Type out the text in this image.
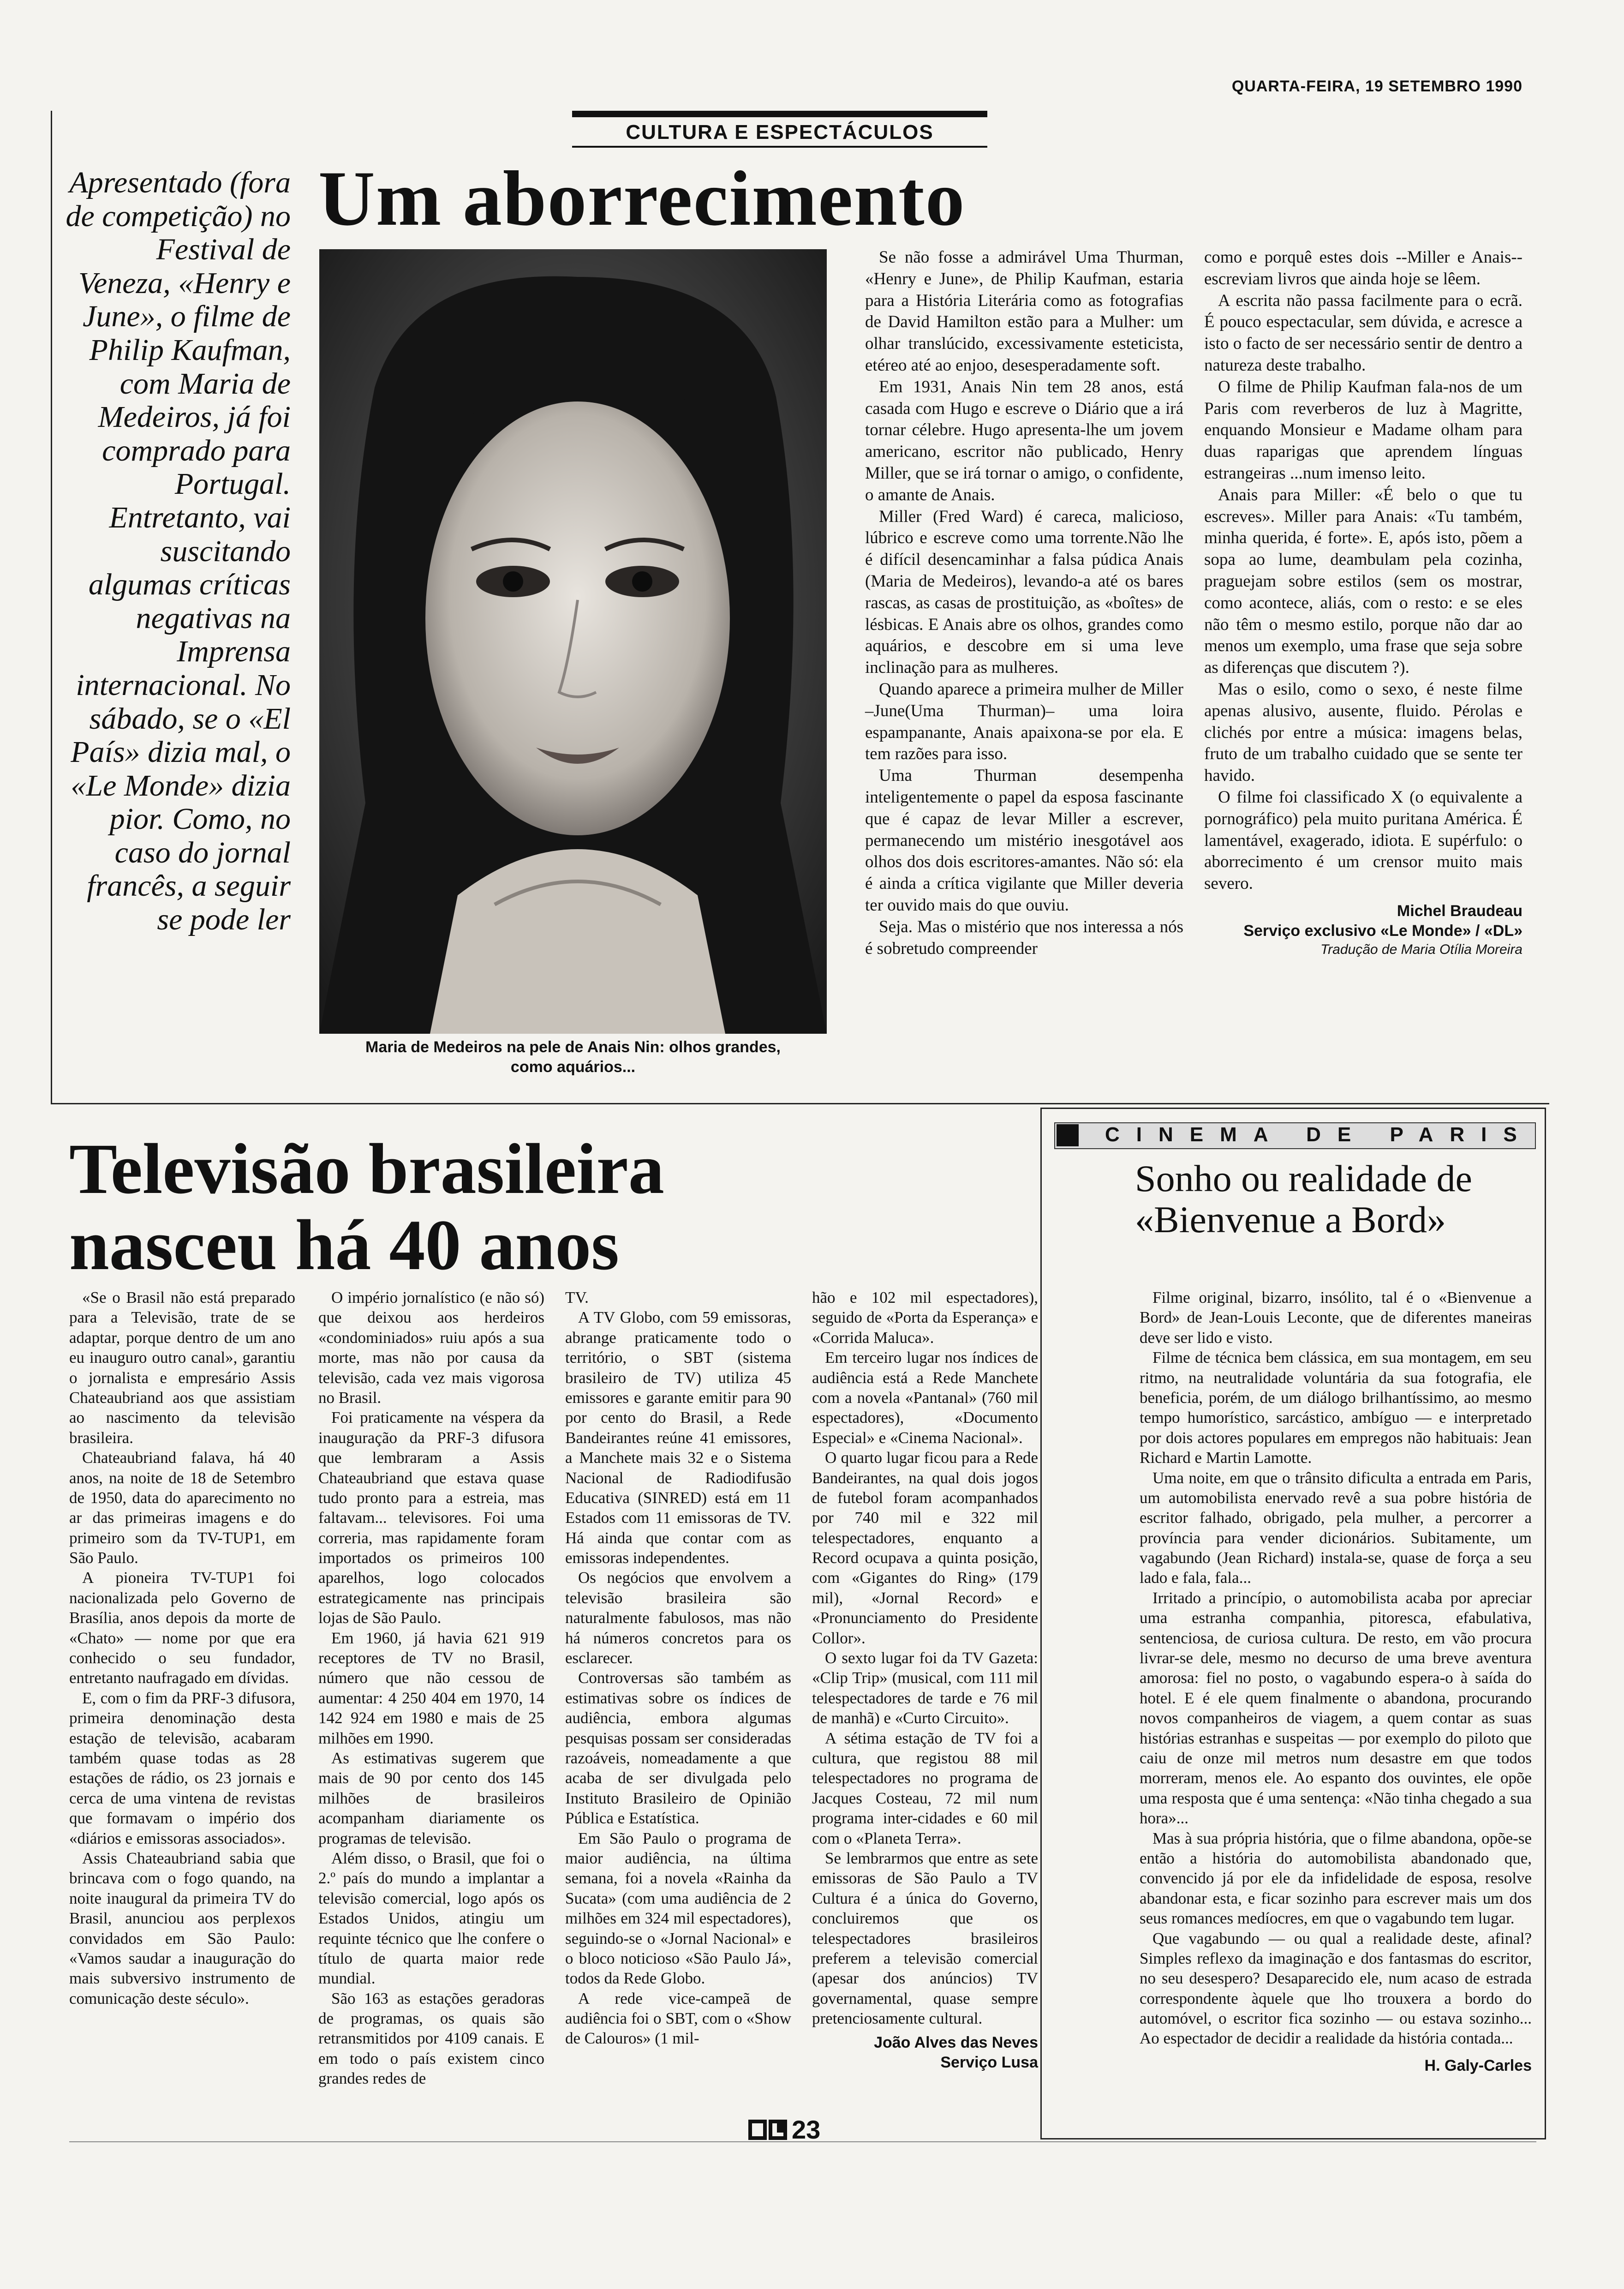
QUARTA-FEIRA, 19 SETEMBRO 1990
CULTURA E ESPECTÁCULOS
Um aborrecimento
Apresentado (fora de competição) no Festival de Veneza, «Henry e June», o filme de Philip Kaufman, com Maria de Medeiros, já foi comprado para Portugal. Entretanto, vai suscitando algumas críticas negativas na Imprensa internacional. No sábado, se o «El País» dizia mal, o «Le Monde» dizia pior. Como, no caso do jornal francês, a seguir se pode ler
Maria de Medeiros na pele de Anais Nin: olhos grandes,
como aquários...

Se não fosse a admirável Uma Thurman, «Henry e June», de Philip Kaufman, estaria para a História Literária como as fotografias de David Hamilton estão para a Mulher: um olhar translúcido, excessivamente esteticista, etéreo até ao enjoo, desesperadamente soft.

Em 1931, Anais Nin tem 28 anos, está casada com Hugo e escreve o Diário que a irá tornar célebre. Hugo apresenta-lhe um jovem americano, escritor não publicado, Henry Miller, que se irá tornar o amigo, o confidente, o amante de Anais.

Miller (Fred Ward) é careca, malicioso, lúbrico e escreve como uma torrente.Não lhe é difícil desencaminhar a falsa púdica Anais (Maria de Medeiros), levando-a até os bares rascas, as casas de prostituição, as «boîtes» de lésbicas. E Anais abre os olhos, grandes como aquários, e descobre em si uma leve inclinação para as mulheres.

Quando aparece a primeira mulher de Miller –June(Uma Thurman)– uma loira espampanante, Anais apaixona-se por ela. E tem razões para isso.

Uma Thurman desempenha inteligentemente o papel da esposa fascinante que é capaz de levar Miller a escrever, permanecendo um mistério inesgotável aos olhos dos dois escritores-amantes. Não só: ela é ainda a crítica vigilante que Miller deveria ter ouvido mais do que ouviu.

Seja. Mas o mistério que nos interessa a nós é sobretudo compreender

como e porquê estes dois --Miller e Anais-- escreviam livros que ainda hoje se lêem.

A escrita não passa facilmente para o ecrã. É pouco espectacular, sem dúvida, e acresce a isto o facto de ser necessário sentir de dentro a natureza deste trabalho.

O filme de Philip Kaufman fala-nos de um Paris com reverberos de luz à Magritte, enquando Monsieur e Madame olham para duas raparigas que aprendem línguas estrangeiras ...num imenso leito.

Anais para Miller: «É belo o que tu escreves». Miller para Anais: «Tu também, minha querida, é forte». E, após isto, põem a sopa ao lume, deambulam pela cozinha, praguejam sobre estilos (sem os mostrar, como acontece, aliás, com o resto: e se eles não têm o mesmo estilo, porque não dar ao menos um exemplo, uma frase que seja sobre as diferenças que discutem ?).

Mas o esilo, como o sexo, é neste filme apenas alusivo, ausente, fluido. Pérolas e clichés por entre a música: imagens belas, fruto de um trabalho cuidado que se sente ter havido.

O filme foi classificado X (o equivalente a pornográfico) pela muito puritana América. É lamentável, exagerado, idiota. E supérfulo: o aborrecimento é um crensor muito mais severo.

Michel Braudeau
Serviço exclusivo «Le Monde» / «DL»
Tradução de Maria Otília Moreira
Televisão brasileira
nasceu há 40 anos

«Se o Brasil não está preparado para a Televisão, trate de se adaptar, porque dentro de um ano eu inauguro outro canal», garantiu o jornalista e empresário Assis Chateaubriand aos que assistiam ao nascimento da televisão brasileira.

Chateaubriand falava, há 40 anos, na noite de 18 de Setembro de 1950, data do aparecimento no ar das primeiras imagens e do primeiro som da TV-TUP1, em São Paulo.

A pioneira TV-TUP1 foi nacionalizada pelo Governo de Brasília, anos depois da morte de «Chato» — nome por que era conhecido o seu fundador, entretanto naufragado em dívidas.

E, com o fim da PRF-3 difusora, primeira denominação desta estação de televisão, acabaram também quase todas as 28 estações de rádio, os 23 jornais e cerca de uma vintena de revistas que formavam o império dos «diários e emissoras associados».

Assis Chateaubriand sabia que brincava com o fogo quando, na noite inaugural da primeira TV do Brasil, anunciou aos perplexos convidados em São Paulo: «Vamos saudar a inauguração do mais subversivo instrumento de comunicação deste século».

O império jornalístico (e não só) que deixou aos herdeiros «condominiados» ruiu após a sua morte, mas não por causa da televisão, cada vez mais vigorosa no Brasil.

Foi praticamente na véspera da inauguração da PRF-3 difusora que lembraram a Assis Chateaubriand que estava quase tudo pronto para a estreia, mas faltavam... televisores. Foi uma correria, mas rapidamente foram importados os primeiros 100 aparelhos, logo colocados estrategicamente nas principais lojas de São Paulo.

Em 1960, já havia 621 919 receptores de TV no Brasil, número que não cessou de aumentar: 4 250 404 em 1970, 14 142 924 em 1980 e mais de 25 milhões em 1990.

As estimativas sugerem que mais de 90 por cento dos 145 milhões de brasileiros acompanham diariamente os programas de televisão.

Além disso, o Brasil, que foi o 2.º país do mundo a implantar a televisão comercial, logo após os Estados Unidos, atingiu um requinte técnico que lhe confere o título de quarta maior rede mundial.

São 163 as estações geradoras de programas, os quais são retransmitidos por 4109 canais. E em todo o país existem cinco grandes redes de

TV.

A TV Globo, com 59 emissoras, abrange praticamente todo o território, o SBT (sistema brasileiro de TV) utiliza 45 emissores e garante emitir para 90 por cento do Brasil, a Rede Bandeirantes reúne 41 emissores, a Manchete mais 32 e o Sistema Nacional de Radiodifusão Educativa (SINRED) está em 11 Estados com 11 emissoras de TV. Há ainda que contar com as emissoras independentes.

Os negócios que envolvem a televisão brasileira são naturalmente fabulosos, mas não há números concretos para os esclarecer.

Controversas são também as estimativas sobre os índices de audiência, embora algumas pesquisas possam ser consideradas razoáveis, nomeadamente a que acaba de ser divulgada pelo Instituto Brasileiro de Opinião Pública e Estatística.

Em São Paulo o programa de maior audiência, na última semana, foi a novela «Rainha da Sucata» (com uma audiência de 2 milhões em 324 mil espectadores), seguindo-se o «Jornal Nacional» e o bloco noticioso «São Paulo Já», todos da Rede Globo.

A rede vice-campeã de audiência foi o SBT, com o «Show de Calouros» (1 mil-

hão e 102 mil espectadores), seguido de «Porta da Esperança» e «Corrida Maluca».

Em terceiro lugar nos índices de audiência está a Rede Manchete com a novela «Pantanal» (760 mil espectadores), «Documento Especial» e «Cinema Nacional».

O quarto lugar ficou para a Rede Bandeirantes, na qual dois jogos de futebol foram acompanhados por 740 mil e 322 mil telespectadores, enquanto a Record ocupava a quinta posição, com «Gigantes do Ring» (179 mil), «Jornal Record» e «Pronunciamento do Presidente Collor».

O sexto lugar foi da TV Gazeta: «Clip Trip» (musical, com 111 mil telespectadores de tarde e 76 mil de manhã) e «Curto Circuito».

A sétima estação de TV foi a cultura, que registou 88 mil telespectadores no programa de Jacques Costeau, 72 mil num programa inter-cidades e 60 mil com o «Planeta Terra».

Se lembrarmos que entre as sete emissoras de São Paulo a TV Cultura é a única do Governo, concluiremos que os telespectadores brasileiros preferem a televisão comercial (apesar dos anúncios) TV governamental, quase sempre pretenciosamente cultural.

João Alves das Neves
Serviço Lusa
CINEMA DE PARIS
Sonho ou realidade de «Bienvenue a Bord»

Filme original, bizarro, insólito, tal é o «Bienvenue a Bord» de Jean-Louis Leconte, que de diferentes maneiras deve ser lido e visto.

Filme de técnica bem clássica, em sua montagem, em seu ritmo, na neutralidade voluntária da sua fotografia, ele beneficia, porém, de um diálogo brilhantíssimo, ao mesmo tempo humorístico, sarcástico, ambíguo — e interpretado por dois actores populares em empregos não habituais: Jean Richard e Martin Lamotte.

Uma noite, em que o trânsito dificulta a entrada em Paris, um automobilista enervado revê a sua pobre história de escritor falhado, obrigado, pela mulher, a percorrer a província para vender dicionários. Subitamente, um vagabundo (Jean Richard) instala-se, quase de força a seu lado e fala, fala...

Irritado a princípio, o automobilista acaba por apreciar uma estranha companhia, pitoresca, efabulativa, sentenciosa, de curiosa cultura. De resto, em vão procura livrar-se dele, mesmo no decurso de uma breve aventura amorosa: fiel no posto, o vagabundo espera-o à saída do hotel. E é ele quem finalmente o abandona, procurando novos companheiros de viagem, a quem contar as suas histórias estranhas e suspeitas — por exemplo do piloto que caiu de onze mil metros num desastre em que todos morreram, menos ele. Ao espanto dos ouvintes, ele opõe uma resposta que é uma sentença: «Não tinha chegado a sua hora»...

Mas à sua própria história, que o filme abandona, opõe-se então a história do automobilista abandonado que, convencido já por ele da infidelidade de esposa, resolve abandonar esta, e ficar sozinho para escrever mais um dos seus romances medíocres, em que o vagabundo tem lugar.

Que vagabundo — ou qual a realidade deste, afinal? Simples reflexo da imaginação e dos fantasmas do escritor, no seu desespero? Desaparecido ele, num acaso de estrada correspondente àquele que lho trouxera a bordo do automóvel, o escritor fica sozinho — ou estava sozinho... Ao espectador de decidir a realidade da história contada...

H. Galy-Carles
23
